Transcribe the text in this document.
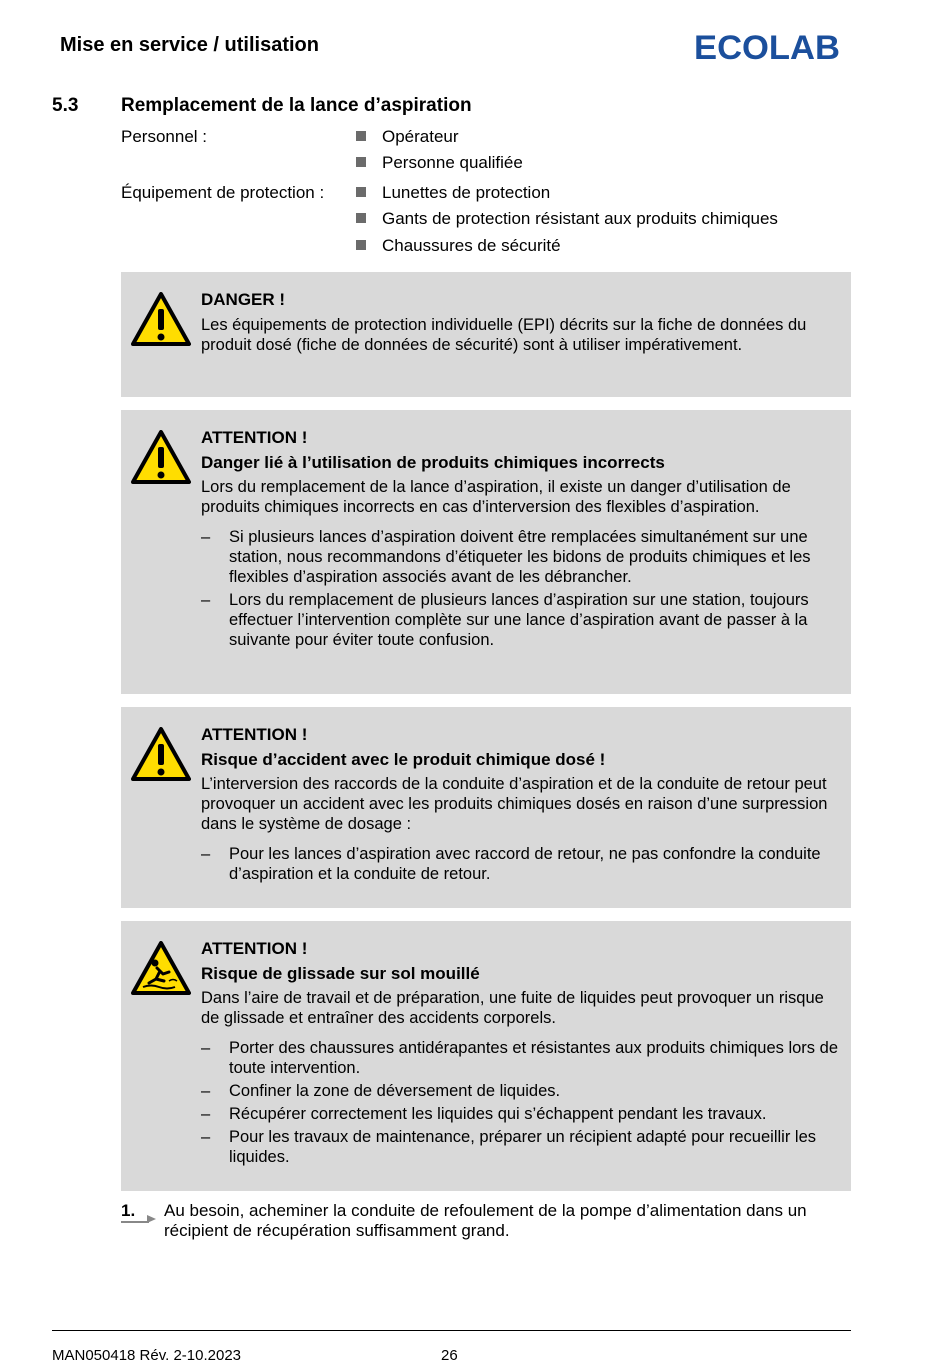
Mise en service / utilisation	ECOLAB
5.3 Remplacement de la lance d’aspiration
Personnel :	Opérateur
Personne qualifiée
Équipement de protection :	Lunettes de protection
Gants de protection résistant aux produits chimiques
Chaussures de sécurité
DANGER !
Les équipements de protection individuelle (EPI) décrits sur la fiche de données du produit dosé (fiche de données de sécurité) sont à utiliser impérativement.
ATTENTION !
Danger lié à l’utilisation de produits chimiques incorrects
Lors du remplacement de la lance d’aspiration, il existe un danger d’utilisation de produits chimiques incorrects en cas d’interversion des flexibles d’aspiration.
–	Si plusieurs lances d’aspiration doivent être remplacées simultanément sur une station, nous recommandons d’étiqueter les bidons de produits chimiques et les flexibles d’aspiration associés avant de les débrancher.
–	Lors du remplacement de plusieurs lances d’aspiration sur une station, toujours effectuer l’intervention complète sur une lance d’aspiration avant de passer à la suivante pour éviter toute confusion.
ATTENTION !
Risque d’accident avec le produit chimique dosé !
L’interversion des raccords de la conduite d’aspiration et de la conduite de retour peut provoquer un accident avec les produits chimiques dosés en raison d’une surpression dans le système de dosage :
–	Pour les lances d’aspiration avec raccord de retour, ne pas confondre la conduite d’aspiration et la conduite de retour.
ATTENTION !
Risque de glissade sur sol mouillé
Dans l’aire de travail et de préparation, une fuite de liquides peut provoquer un risque de glissade et entraîner des accidents corporels.
–	Porter des chaussures antidérapantes et résistantes aux produits chimiques lors de toute intervention.
–	Confiner la zone de déversement de liquides.
–	Récupérer correctement les liquides qui s’échappent pendant les travaux.
–	Pour les travaux de maintenance, préparer un récipient adapté pour recueillir les liquides.
1. Au besoin, acheminer la conduite de refoulement de la pompe d’alimentation dans un récipient de récupération suffisamment grand.
MAN050418 Rév. 2-10.2023	26
